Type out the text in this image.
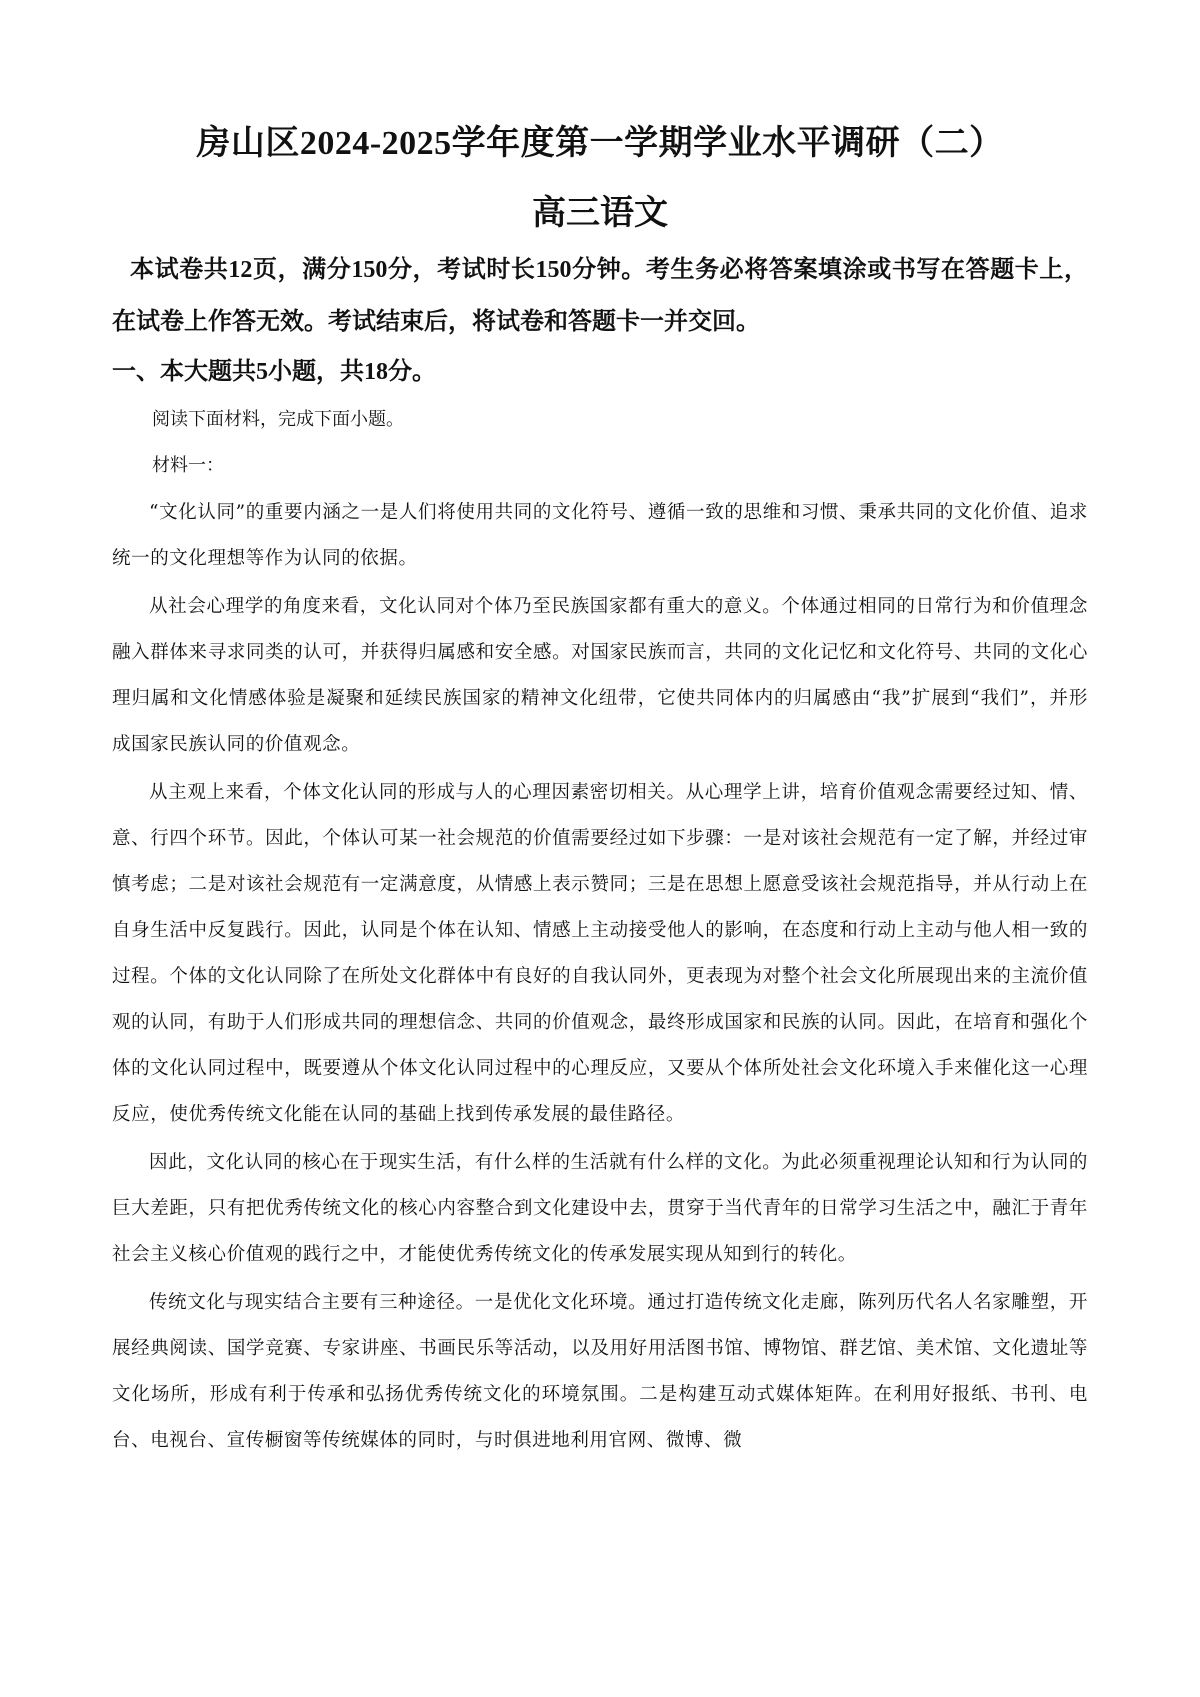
房山区2024-2025学年度第一学期学业水平调研（二）
高三语文

本试卷共12页，满分150分，考试时长150分钟。考生务必将答案填涂或书写在答题卡上，在试卷上作答无效。考试结束后，将试卷和答题卡一并交回。

一、本大题共5小题，共18分。

阅读下面材料，完成下面小题。

材料一：

“文化认同”的重要内涵之一是人们将使用共同的文化符号、遵循一致的思维和习惯、秉承共同的文化价值、追求统一的文化理想等作为认同的依据。

从社会心理学的角度来看，文化认同对个体乃至民族国家都有重大的意义。个体通过相同的日常行为和价值理念融入群体来寻求同类的认可，并获得归属感和安全感。对国家民族而言，共同的文化记忆和文化符号、共同的文化心理归属和文化情感体验是凝聚和延续民族国家的精神文化纽带，它使共同体内的归属感由“我”扩展到“我们”，并形成国家民族认同的价值观念。

从主观上来看，个体文化认同的形成与人的心理因素密切相关。从心理学上讲，培育价值观念需要经过知、情、意、行四个环节。因此，个体认可某一社会规范的价值需要经过如下步骤：一是对该社会规范有一定了解，并经过审慎考虑；二是对该社会规范有一定满意度，从情感上表示赞同；三是在思想上愿意受该社会规范指导，并从行动上在自身生活中反复践行。因此，认同是个体在认知、情感上主动接受他人的影响，在态度和行动上主动与他人相一致的过程。个体的文化认同除了在所处文化群体中有良好的自我认同外，更表现为对整个社会文化所展现出来的主流价值观的认同，有助于人们形成共同的理想信念、共同的价值观念，最终形成国家和民族的认同。因此，在培育和强化个体的文化认同过程中，既要遵从个体文化认同过程中的心理反应，又要从个体所处社会文化环境入手来催化这一心理反应，使优秀传统文化能在认同的基础上找到传承发展的最佳路径。

因此，文化认同的核心在于现实生活，有什么样的生活就有什么样的文化。为此必须重视理论认知和行为认同的巨大差距，只有把优秀传统文化的核心内容整合到文化建设中去，贯穿于当代青年的日常学习生活之中，融汇于青年社会主义核心价值观的践行之中，才能使优秀传统文化的传承发展实现从知到行的转化。

传统文化与现实结合主要有三种途径。一是优化文化环境。通过打造传统文化走廊，陈列历代名人名家雕塑，开展经典阅读、国学竞赛、专家讲座、书画民乐等活动，以及用好用活图书馆、博物馆、群艺馆、美术馆、文化遗址等文化场所，形成有利于传承和弘扬优秀传统文化的环境氛围。二是构建互动式媒体矩阵。在利用好报纸、书刊、电台、电视台、宣传橱窗等传统媒体的同时，与时俱进地利用官网、微博、微
